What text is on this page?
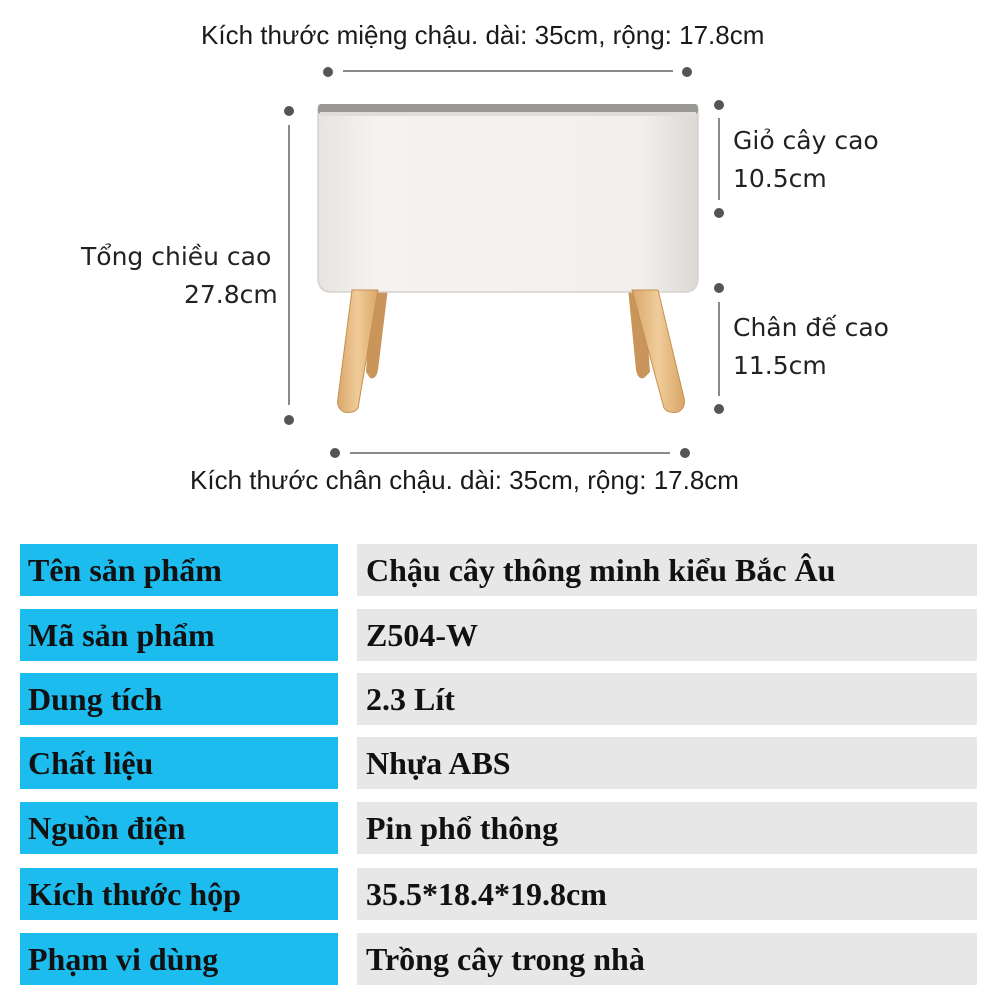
Kích thước miệng chậu. dài: 35cm, rộng: 17.8cm
Kích thước chân chậu. dài: 35cm, rộng: 17.8cm
Tổng chiều cao
27.8cm
Giỏ cây cao
10.5cm
Chân đế cao
11.5cm
Tên sản phẩm	Chậu cây thông minh kiểu Bắc Âu
Mã sản phẩm	Z504-W
Dung tích	2.3 Lít
Chất liệu	Nhựa ABS
Nguồn điện	Pin phổ thông
Kích thước hộp	35.5*18.4*19.8cm
Phạm vi dùng	Trồng cây trong nhà
